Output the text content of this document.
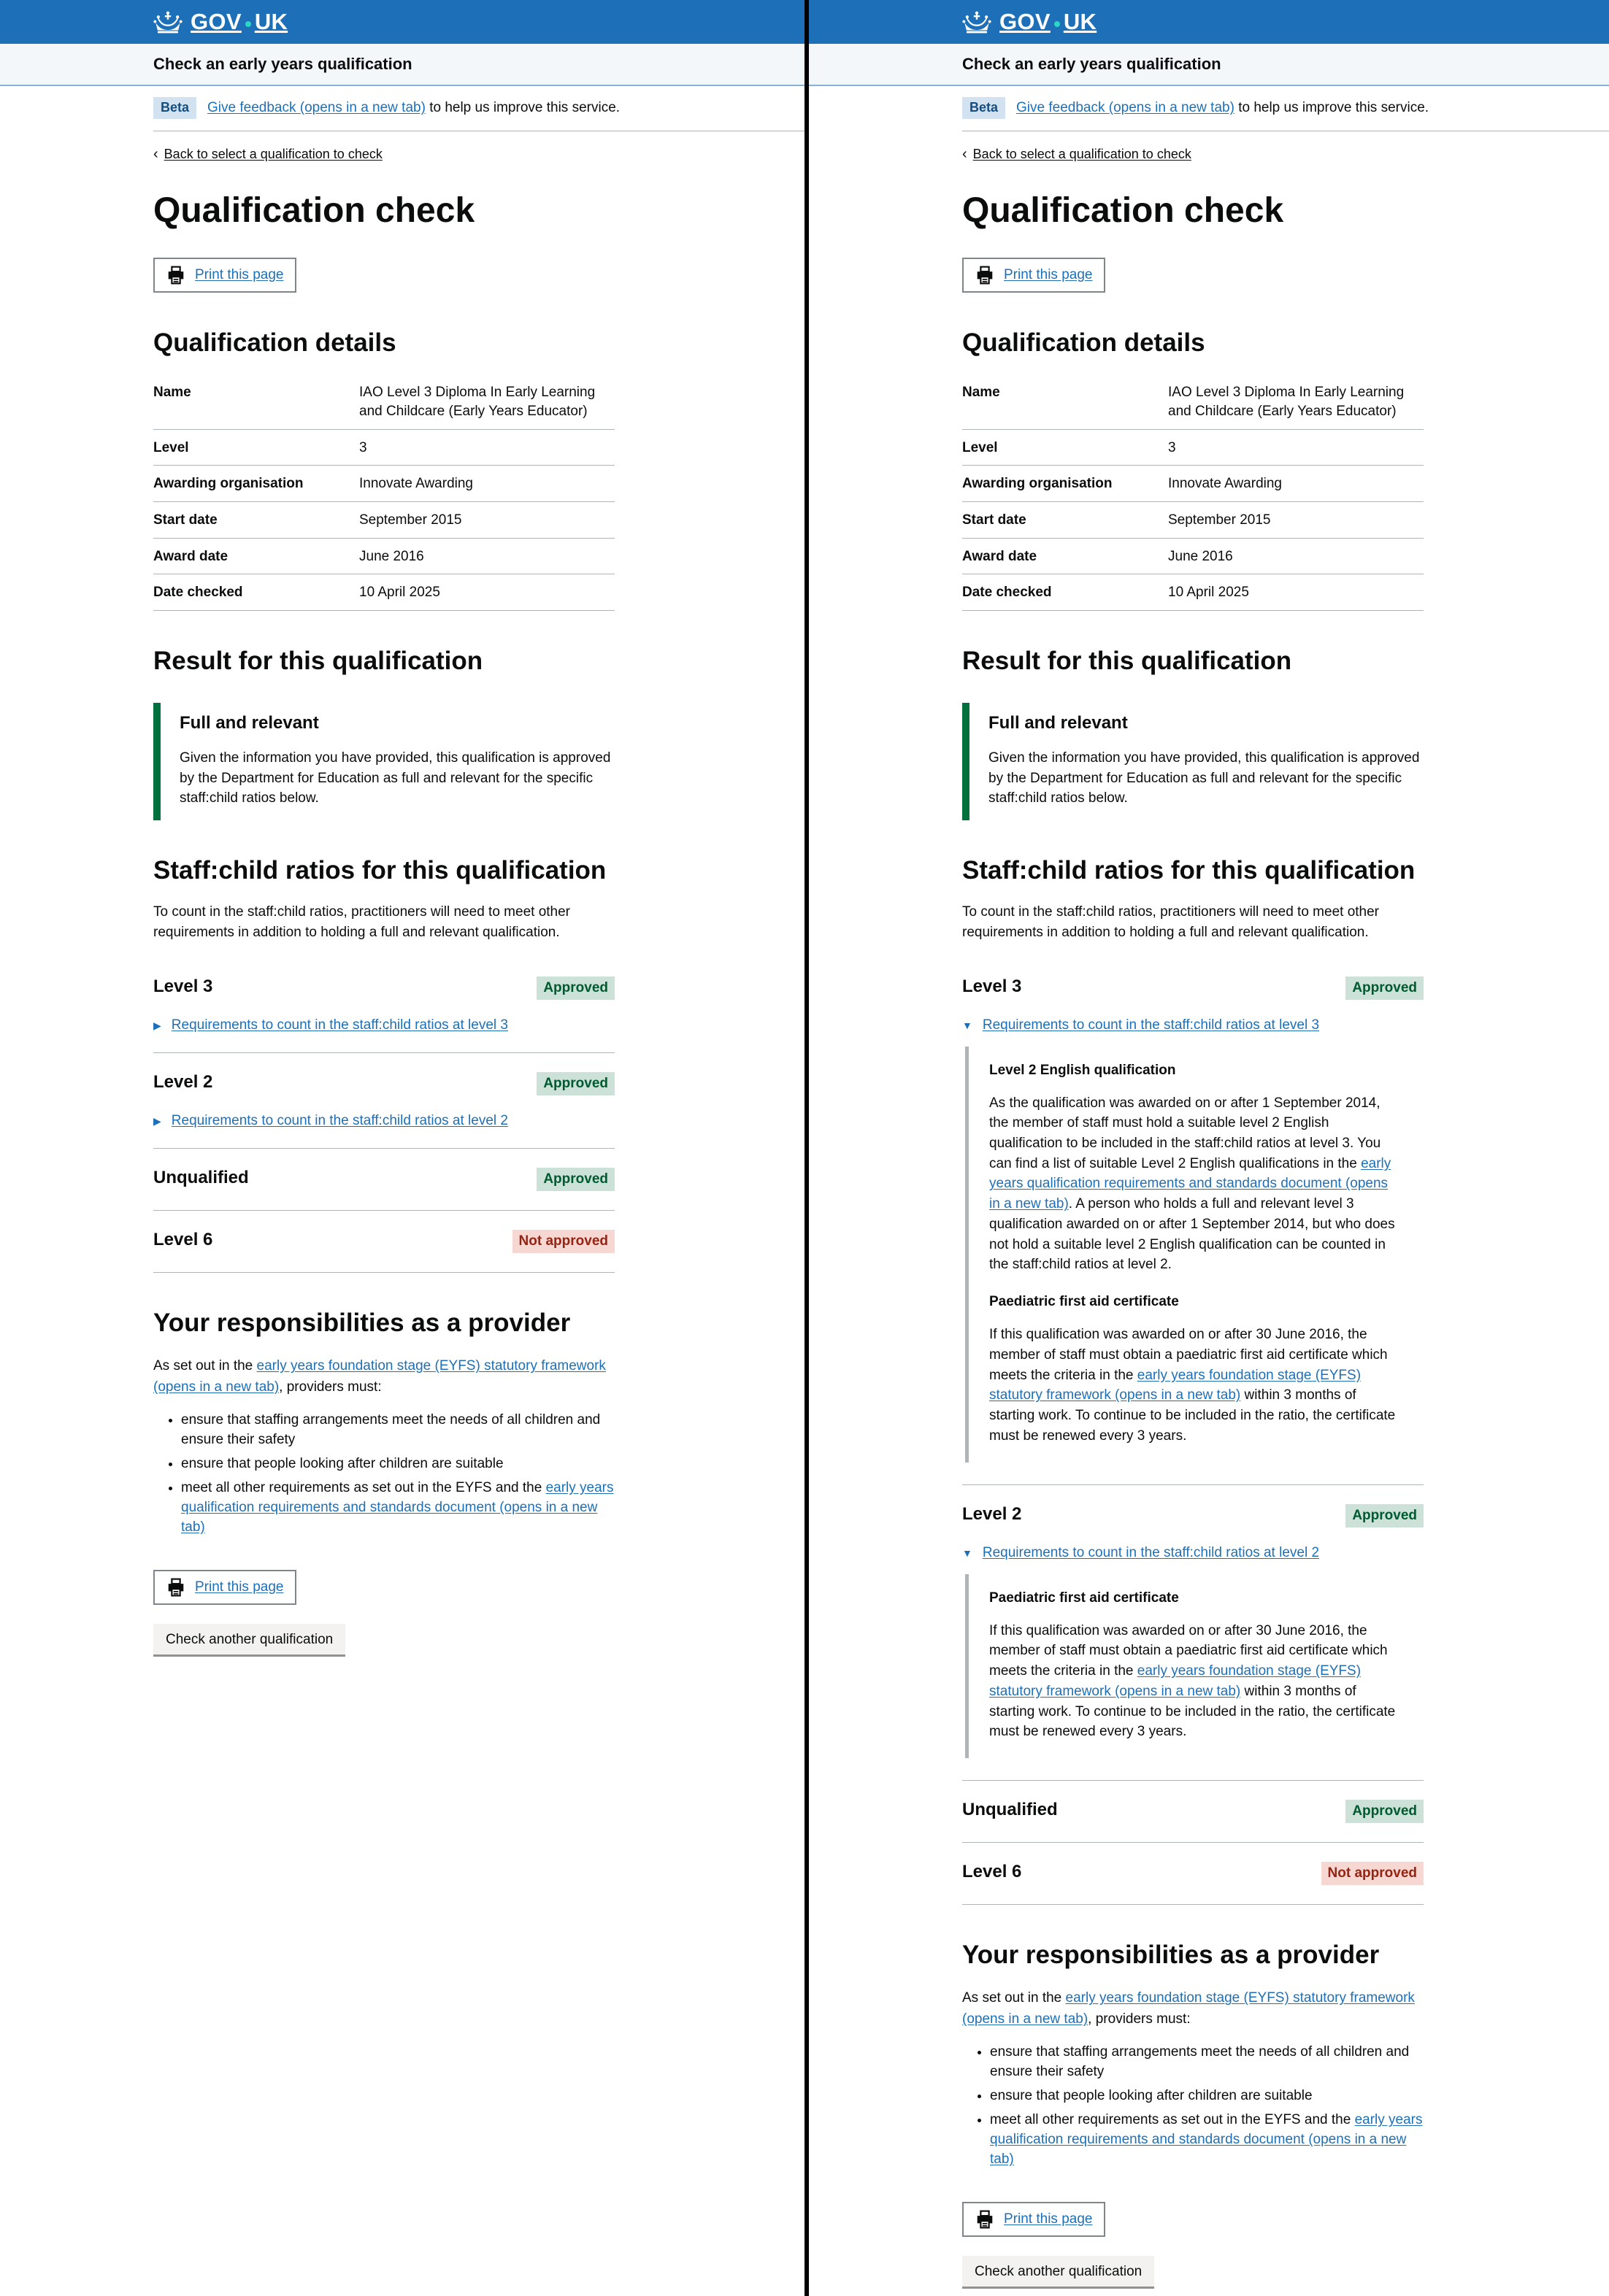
GOV UK
Check an early years qualification
Beta	Give feedback (opens in a new tab) to help us improve this service.
‹ Back to select a qualification to check
Qualification check
Print this page
Qualification details
Name	IAO Level 3 Diploma In Early Learning and Childcare (Early Years Educator)
Level	3
Awarding organisation	Innovate Awarding
Start date	September 2015
Award date	June 2016
Date checked	10 April 2025
Result for this qualification
Full and relevant

Given the information you have provided, this qualification is approved by the Department for Education as full and relevant for the specific staff:child ratios below.

Staff:child ratios for this qualification

To count in the staff:child ratios, practitioners will need to meet other requirements in addition to holding a full and relevant qualification.

Level 3	Approved
▶
Requirements to count in the staff:child ratios at level 3
Level 2	Approved
▶
Requirements to count in the staff:child ratios at level 2
Unqualified	Approved
Level 6	Not approved
Your responsibilities as a provider

As set out in the early years foundation stage (EYFS) statutory framework (opens in a new tab), providers must:

• ensure that staffing arrangements meet the needs of all children and ensure their safety
• ensure that people looking after children are suitable
• meet all other requirements as set out in the EYFS and the early years qualification requirements and standards document (opens in a new tab)
Print this page
Check another qualification
GOV UK
Check an early years qualification
Beta	Give feedback (opens in a new tab) to help us improve this service.
‹ Back to select a qualification to check
Qualification check
Print this page
Qualification details
Name	IAO Level 3 Diploma In Early Learning and Childcare (Early Years Educator)
Level	3
Awarding organisation	Innovate Awarding
Start date	September 2015
Award date	June 2016
Date checked	10 April 2025
Result for this qualification
Full and relevant

Given the information you have provided, this qualification is approved by the Department for Education as full and relevant for the specific staff:child ratios below.

Staff:child ratios for this qualification

To count in the staff:child ratios, practitioners will need to meet other requirements in addition to holding a full and relevant qualification.

Level 3	Approved
▼
Requirements to count in the staff:child ratios at level 3
Level 2 English qualification

As the qualification was awarded on or after 1 September 2014, the member of staff must hold a suitable level 2 English qualification to be included in the staff:child ratios at level 3. You can find a list of suitable Level 2 English qualifications in the early years qualification requirements and standards document (opens in a new tab). A person who holds a full and relevant level 3 qualification awarded on or after 1 September 2014, but who does not hold a suitable level 2 English qualification can be counted in the staff:child ratios at level 2.

Paediatric first aid certificate

If this qualification was awarded on or after 30 June 2016, the member of staff must obtain a paediatric first aid certificate which meets the criteria in the early years foundation stage (EYFS) statutory framework (opens in a new tab) within 3 months of starting work. To continue to be included in the ratio, the certificate must be renewed every 3 years.

Level 2	Approved
▼
Requirements to count in the staff:child ratios at level 2
Paediatric first aid certificate

If this qualification was awarded on or after 30 June 2016, the member of staff must obtain a paediatric first aid certificate which meets the criteria in the early years foundation stage (EYFS) statutory framework (opens in a new tab) within 3 months of starting work. To continue to be included in the ratio, the certificate must be renewed every 3 years.

Unqualified	Approved
Level 6	Not approved
Your responsibilities as a provider

As set out in the early years foundation stage (EYFS) statutory framework (opens in a new tab), providers must:

• ensure that staffing arrangements meet the needs of all children and ensure their safety
• ensure that people looking after children are suitable
• meet all other requirements as set out in the EYFS and the early years qualification requirements and standards document (opens in a new tab)
Print this page
Check another qualification
